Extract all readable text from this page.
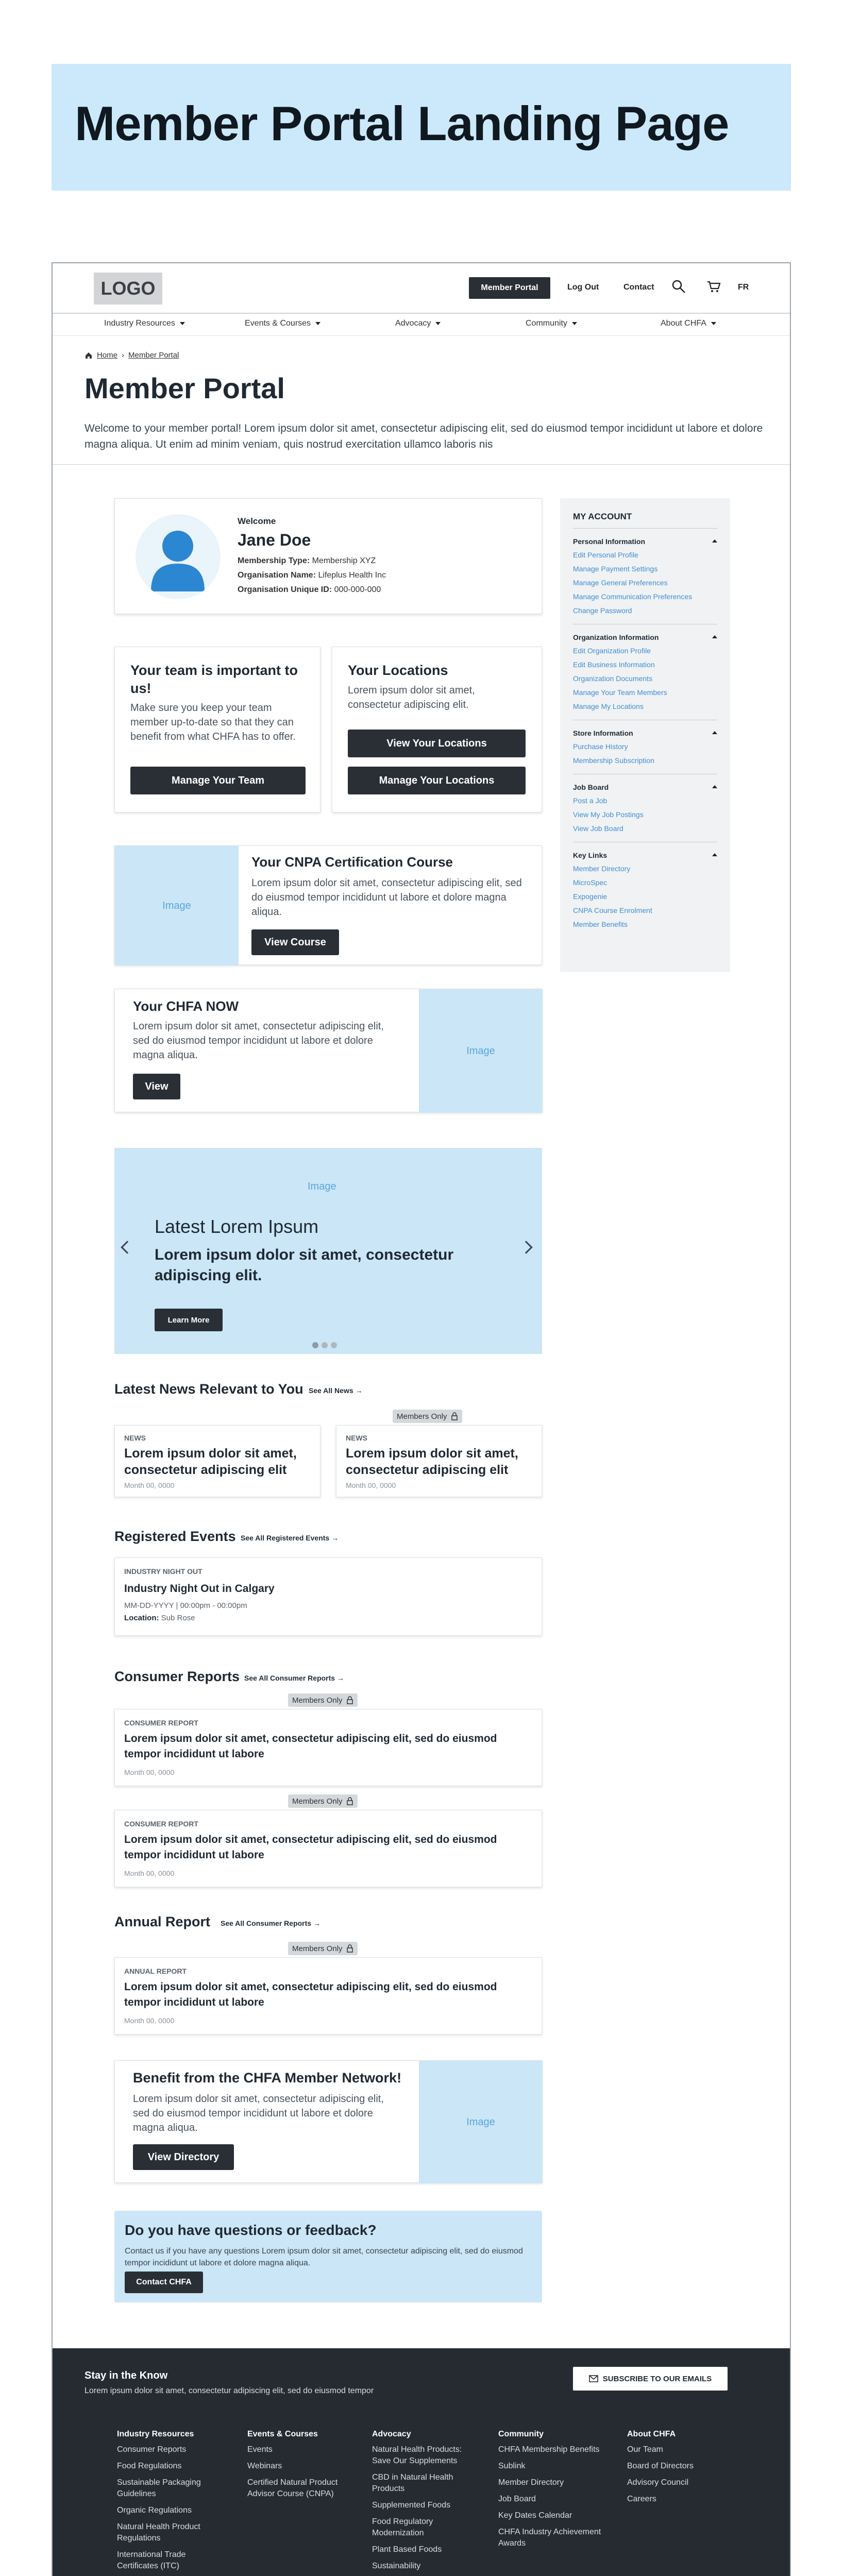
Member Portal Landing Page
LOGO	Member Portal	Log Out	Contact	FR
Industry Resources	Events & Courses	Advocacy	Community	About CHFA
Home › Member Portal
Member Portal
Welcome to your member portal! Lorem ipsum dolor sit amet, consectetur adipiscing elit, sed do eiusmod tempor incididunt ut labore et dolore magna aliqua. Ut enim ad minim veniam, quis nostrud exercitation ullamco laboris nis
Welcome
Jane Doe
Membership Type: Membership XYZ
Organisation Name: Lifeplus Health Inc
Organisation Unique ID: 000-000-000
Your team is important to us!
Make sure you keep your team member up-to-date so that they can benefit from what CHFA has to offer.
Manage Your Team
Your Locations
Lorem ipsum dolor sit amet, consectetur adipiscing elit.
View Your Locations
Manage Your Locations
MY ACCOUNT
Personal Information
Edit Personal Profile
Manage Payment Settings
Manage General Preferences
Manage Communication Preferences
Change Password
Organization Information
Edit Organization Profile
Edit Business Information
Organization Documents
Manage Your Team Members
Manage My Locations
Store Information
Purchase History
Membership Subscription
Job Board
Post a Job
View My Job Postings
View Job Board
Key Links
Member Directory
MicroSpec
Expogenie
CNPA Course Enrolment
Member Benefits
Image
Your CNPA Certification Course
Lorem ipsum dolor sit amet, consectetur adipiscing elit, sed do eiusmod tempor incididunt ut labore et dolore magna aliqua.
View Course
Your CHFA NOW
Lorem ipsum dolor sit amet, consectetur adipiscing elit, sed do eiusmod tempor incididunt ut labore et dolore magna aliqua.
View
Image
Image
Latest Lorem Ipsum
Lorem ipsum dolor sit amet, consectetur adipiscing elit.
Learn More
Latest News Relevant to You See All News →
Members Only
NEWS
Lorem ipsum dolor sit amet, consectetur adipiscing elit
Month 00, 0000
NEWS
Lorem ipsum dolor sit amet, consectetur adipiscing elit
Month 00, 0000
Registered Events See All Registered Events →
INDUSTRY NIGHT OUT
Industry Night Out in Calgary
MM-DD-YYYY | 00:00pm - 00:00pm
Location: Sub Rose
Consumer Reports See All Consumer Reports →
Members Only
CONSUMER REPORT
Lorem ipsum dolor sit amet, consectetur adipiscing elit, sed do eiusmod tempor incididunt ut labore
Month 00, 0000
Members Only
CONSUMER REPORT
Lorem ipsum dolor sit amet, consectetur adipiscing elit, sed do eiusmod tempor incididunt ut labore
Month 00, 0000
Annual Report See All Consumer Reports →
Members Only
ANNUAL REPORT
Lorem ipsum dolor sit amet, consectetur adipiscing elit, sed do eiusmod tempor incididunt ut labore
Month 00, 0000
Benefit from the CHFA Member Network!
Lorem ipsum dolor sit amet, consectetur adipiscing elit, sed do eiusmod tempor incididunt ut labore et dolore magna aliqua.
View Directory
Image
Do you have questions or feedback?
Contact us if you have any questions Lorem ipsum dolor sit amet, consectetur adipiscing elit, sed do eiusmod tempor incididunt ut labore et dolore magna aliqua.
Contact CHFA
Stay in the Know
Lorem ipsum dolor sit amet, consectetur adipiscing elit, sed do eiusmod tempor
SUBSCRIBE TO OUR EMAILS
Industry Resources
Consumer Reports
Food Regulations
Sustainable Packaging Guidelines
Organic Regulations
Natural Health Product Regulations
International Trade Certificates (ITC)
Events & Courses
Events
Webinars
Certified Natural Product Advisor Course (CNPA)
Advocacy
Natural Health Products: Save Our Supplements
CBD in Natural Health Products
Supplemented Foods
Food Regulatory Modernization
Plant Based Foods
Sustainability
Community
CHFA Membership Benefits
Sublink
Member Directory
Job Board
Key Dates Calendar
CHFA Industry Achievement Awards
About CHFA
Our Team
Board of Directors
Advisory Council
Careers
